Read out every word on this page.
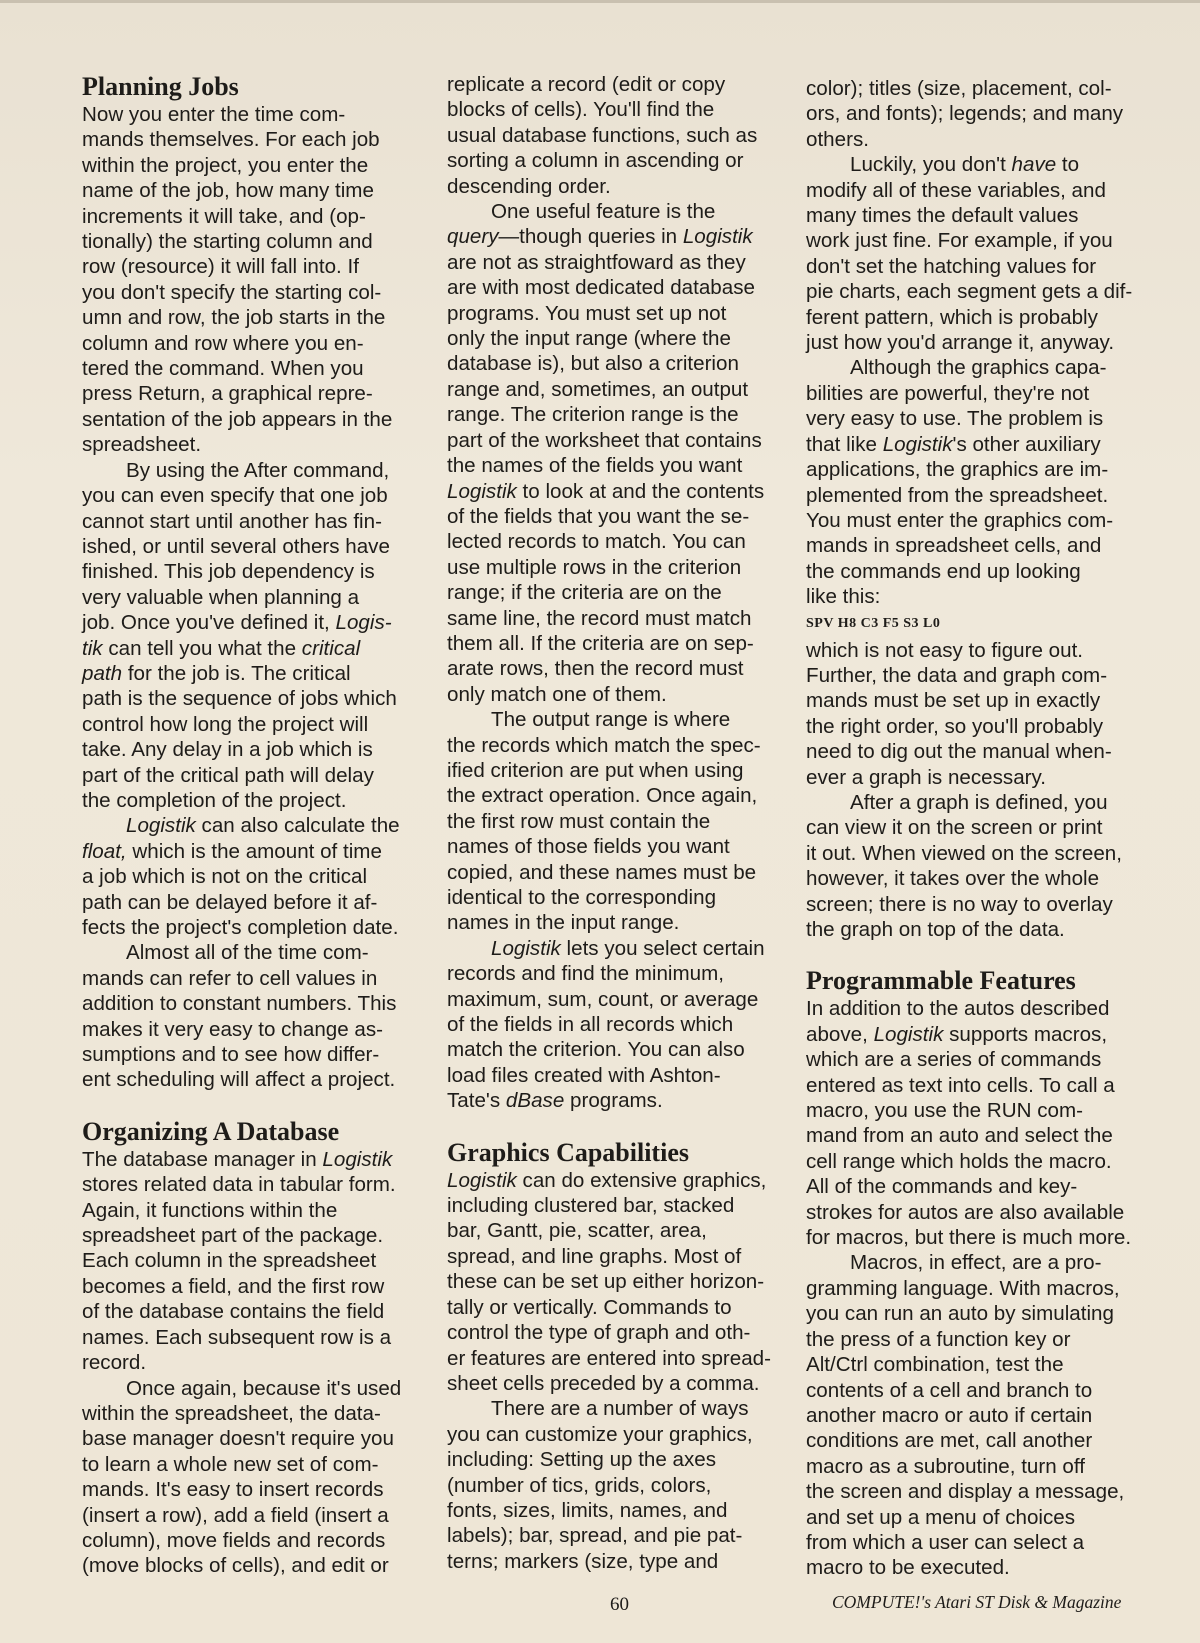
Planning Jobs

Now you enter the time com-

mands themselves. For each job

within the project, you enter the

name of the job, how many time

increments it will take, and (op-

tionally) the starting column and

row (resource) it will fall into. If

you don't specify the starting col-

umn and row, the job starts in the

column and row where you en-

tered the command. When you

press Return, a graphical repre-

sentation of the job appears in the

spreadsheet.

By using the After command,

you can even specify that one job

cannot start until another has fin-

ished, or until several others have

finished. This job dependency is

very valuable when planning a

job. Once you've defined it, Logis-

tik can tell you what the critical

path for the job is. The critical

path is the sequence of jobs which

control how long the project will

take. Any delay in a job which is

part of the critical path will delay

the completion of the project.

Logistik can also calculate the

float, which is the amount of time

a job which is not on the critical

path can be delayed before it af-

fects the project's completion date.

Almost all of the time com-

mands can refer to cell values in

addition to constant numbers. This

makes it very easy to change as-

sumptions and to see how differ-

ent scheduling will affect a project.

Organizing A Database

The database manager in Logistik

stores related data in tabular form.

Again, it functions within the

spreadsheet part of the package.

Each column in the spreadsheet

becomes a field, and the first row

of the database contains the field

names. Each subsequent row is a

record.

Once again, because it's used

within the spreadsheet, the data-

base manager doesn't require you

to learn a whole new set of com-

mands. It's easy to insert records

(insert a row), add a field (insert a

column), move fields and records

(move blocks of cells), and edit or

replicate a record (edit or copy

blocks of cells). You'll find the

usual database functions, such as

sorting a column in ascending or

descending order.

One useful feature is the

query—though queries in Logistik

are not as straightfoward as they

are with most dedicated database

programs. You must set up not

only the input range (where the

database is), but also a criterion

range and, sometimes, an output

range. The criterion range is the

part of the worksheet that contains

the names of the fields you want

Logistik to look at and the contents

of the fields that you want the se-

lected records to match. You can

use multiple rows in the criterion

range; if the criteria are on the

same line, the record must match

them all. If the criteria are on sep-

arate rows, then the record must

only match one of them.

The output range is where

the records which match the spec-

ified criterion are put when using

the extract operation. Once again,

the first row must contain the

names of those fields you want

copied, and these names must be

identical to the corresponding

names in the input range.

Logistik lets you select certain

records and find the minimum,

maximum, sum, count, or average

of the fields in all records which

match the criterion. You can also

load files created with Ashton-

Tate's dBase programs.

Graphics Capabilities

Logistik can do extensive graphics,

including clustered bar, stacked

bar, Gantt, pie, scatter, area,

spread, and line graphs. Most of

these can be set up either horizon-

tally or vertically. Commands to

control the type of graph and oth-

er features are entered into spread-

sheet cells preceded by a comma.

There are a number of ways

you can customize your graphics,

including: Setting up the axes

(number of tics, grids, colors,

fonts, sizes, limits, names, and

labels); bar, spread, and pie pat-

terns; markers (size, type and

color); titles (size, placement, col-

ors, and fonts); legends; and many

others.

Luckily, you don't have to

modify all of these variables, and

many times the default values

work just fine. For example, if you

don't set the hatching values for

pie charts, each segment gets a dif-

ferent pattern, which is probably

just how you'd arrange it, anyway.

Although the graphics capa-

bilities are powerful, they're not

very easy to use. The problem is

that like Logistik's other auxiliary

applications, the graphics are im-

plemented from the spreadsheet.

You must enter the graphics com-

mands in spreadsheet cells, and

the commands end up looking

like this:

SPV H8 C3 F5 S3 L0

which is not easy to figure out.

Further, the data and graph com-

mands must be set up in exactly

the right order, so you'll probably

need to dig out the manual when-

ever a graph is necessary.

After a graph is defined, you

can view it on the screen or print

it out. When viewed on the screen,

however, it takes over the whole

screen; there is no way to overlay

the graph on top of the data.

Programmable Features

In addition to the autos described

above, Logistik supports macros,

which are a series of commands

entered as text into cells. To call a

macro, you use the RUN com-

mand from an auto and select the

cell range which holds the macro.

All of the commands and key-

strokes for autos are also available

for macros, but there is much more.

Macros, in effect, are a pro-

gramming language. With macros,

you can run an auto by simulating

the press of a function key or

Alt/Ctrl combination, test the

contents of a cell and branch to

another macro or auto if certain

conditions are met, call another

macro as a subroutine, turn off

the screen and display a message,

and set up a menu of choices

from which a user can select a

macro to be executed.

60	COMPUTE!'s Atari ST Disk & Magazine
